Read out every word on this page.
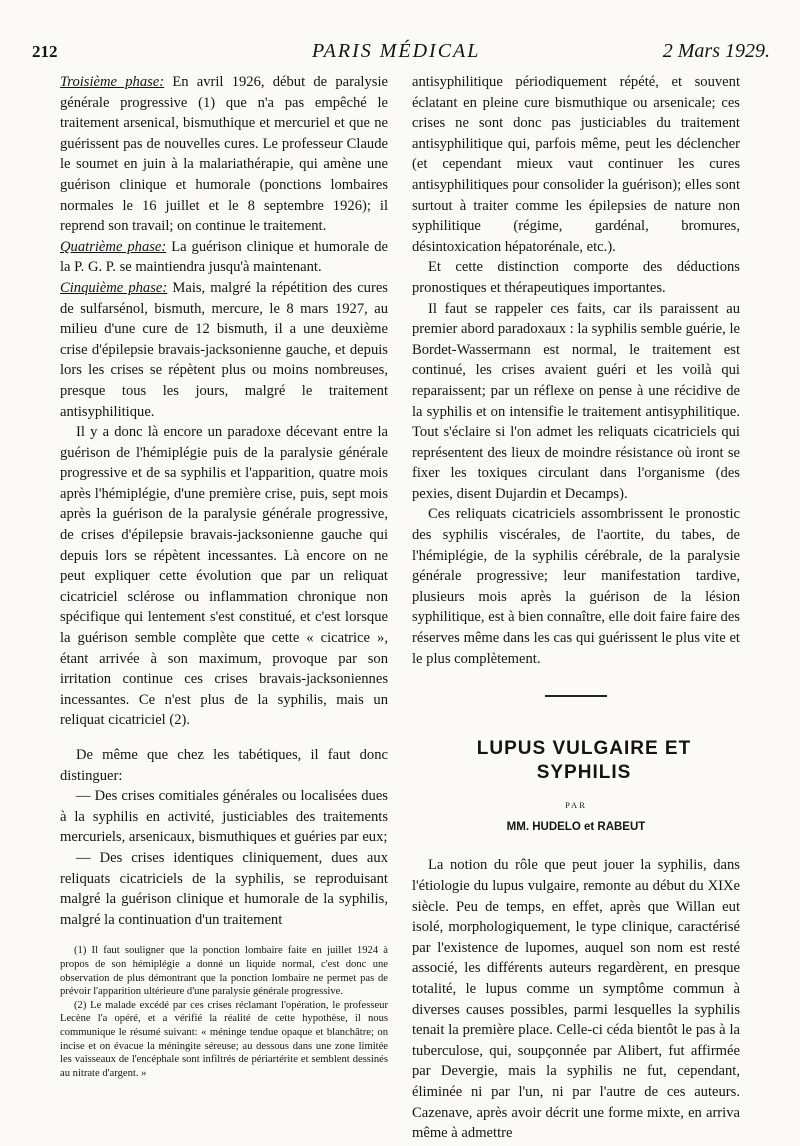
212	PARIS MÉDICAL	2 Mars 1929.

Troisième phase: En avril 1926, début de paralysie générale progressive (1) que n'a pas empêché le traitement arsenical, bismuthique et mercuriel et que ne guérissent pas de nouvelles cures. Le professeur Claude le soumet en juin à la malariathérapie, qui amène une guérison clinique et humorale (ponctions lombaires normales le 16 juillet et le 8 septembre 1926); il reprend son travail; on continue le traitement.

Quatrième phase: La guérison clinique et humorale de la P. G. P. se maintiendra jusqu'à maintenant.

Cinquième phase: Mais, malgré la répétition des cures de sulfarsénol, bismuth, mercure, le 8 mars 1927, au milieu d'une cure de 12 bismuth, il a une deuxième crise d'épilepsie bravais-jacksonienne gauche, et depuis lors les crises se répètent plus ou moins nombreuses, presque tous les jours, malgré le traitement antisyphilitique.

Il y a donc là encore un paradoxe décevant entre la guérison de l'hémiplégie puis de la paralysie générale progressive et de sa syphilis et l'apparition, quatre mois après l'hémiplégie, d'une première crise, puis, sept mois après la guérison de la paralysie générale progressive, de crises d'épilepsie bravais-jacksonienne gauche qui depuis lors se répètent incessantes. Là encore on ne peut expliquer cette évolution que par un reliquat cicatriciel sclérose ou inflammation chronique non spécifique qui lentement s'est constitué, et c'est lorsque la guérison semble complète que cette « cicatrice », étant arrivée à son maximum, provoque par son irritation continue ces crises bravais-jacksoniennes incessantes. Ce n'est plus de la syphilis, mais un reliquat cicatriciel (2).

De même que chez les tabétiques, il faut donc distinguer:

— Des crises comitiales générales ou localisées dues à la syphilis en activité, justiciables des traitements mercuriels, arsenicaux, bismuthiques et guéries par eux;

— Des crises identiques cliniquement, dues aux reliquats cicatriciels de la syphilis, se reproduisant malgré la guérison clinique et humorale de la syphilis, malgré la continuation d'un traitement

(1) Il faut souligner que la ponction lombaire faite en juillet 1924 à propos de son hémiplégie a donné un liquide normal, c'est donc une observation de plus démontrant que la ponction lombaire ne permet pas de prévoir l'apparition ultérieure d'une paralysie générale progressive.

(2) Le malade excédé par ces crises réclamant l'opération, le professeur Lecène l'a opéré, et a vérifié la réalité de cette hypothèse, il nous communique le résumé suivant: « méninge tendue opaque et blanchâtre; on incise et on évacue la méningite séreuse; au dessous dans une zone limitée les vaisseaux de l'encéphale sont infiltrés de périartérite et semblent dessinés au nitrate d'argent. »

antisyphilitique périodiquement répété, et souvent éclatant en pleine cure bismuthique ou arsenicale; ces crises ne sont donc pas justiciables du traitement antisyphilitique qui, parfois même, peut les déclencher (et cependant mieux vaut continuer les cures antisyphilitiques pour consolider la guérison); elles sont surtout à traiter comme les épilepsies de nature non syphilitique (régime, gardénal, bromures, désintoxication hépatorénale, etc.).

Et cette distinction comporte des déductions pronostiques et thérapeutiques importantes.

Il faut se rappeler ces faits, car ils paraissent au premier abord paradoxaux : la syphilis semble guérie, le Bordet-Wassermann est normal, le traitement est continué, les crises avaient guéri et les voilà qui reparaissent; par un réflexe on pense à une récidive de la syphilis et on intensifie le traitement antisyphilitique. Tout s'éclaire si l'on admet les reliquats cicatriciels qui représentent des lieux de moindre résistance où iront se fixer les toxiques circulant dans l'organisme (des pexies, disent Dujardin et Decamps).

Ces reliquats cicatriciels assombrissent le pronostic des syphilis viscérales, de l'aortite, du tabes, de l'hémiplégie, de la syphilis cérébrale, de la paralysie générale progressive; leur manifestation tardive, plusieurs mois après la guérison de la lésion syphilitique, est à bien connaître, elle doit faire faire des réserves même dans les cas qui guérissent le plus vite et le plus complètement.

LUPUS VULGAIRE ET

SYPHILIS

PAR
MM. HUDELO et RABEUT

La notion du rôle que peut jouer la syphilis, dans l'étiologie du lupus vulgaire, remonte au début du XIXe siècle. Peu de temps, en effet, après que Willan eut isolé, morphologiquement, le type clinique, caractérisé par l'existence de lupomes, auquel son nom est resté associé, les différents auteurs regardèrent, en presque totalité, le lupus comme un symptôme commun à diverses causes possibles, parmi lesquelles la syphilis tenait la première place. Celle-ci céda bientôt le pas à la tuberculose, qui, soupçonnée par Alibert, fut affirmée par Devergie, mais la syphilis ne fut, cependant, éliminée ni par l'un, ni par l'autre de ces auteurs. Cazenave, après avoir décrit une forme mixte, en arriva même à admettre
